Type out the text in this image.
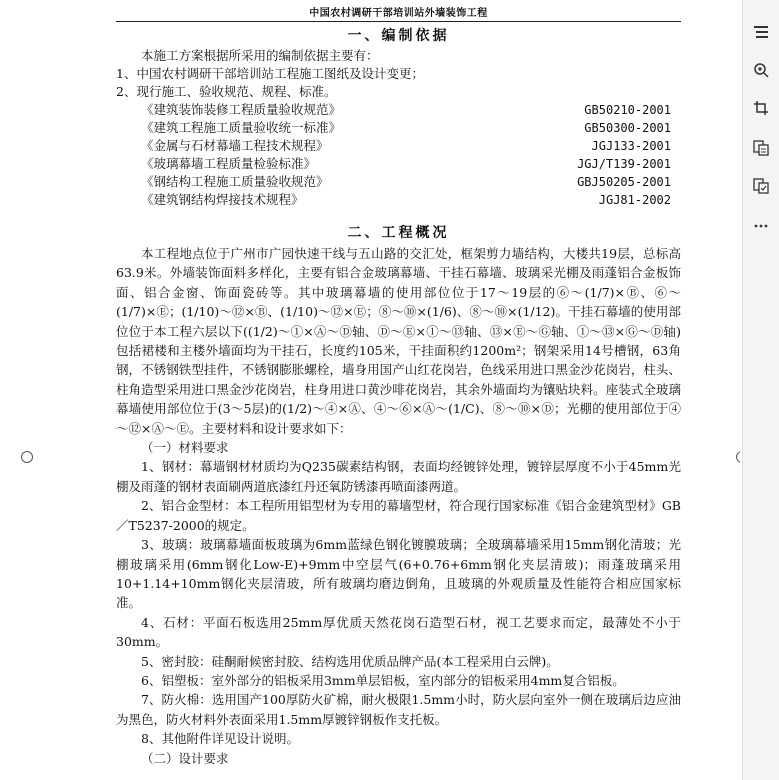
中国农村调研干部培训站外墙装饰工程
一、编制依据

本施工方案根据所采用的编制依据主要有：

1、中国农村调研干部培训站工程施工图纸及设计变更；

2、现行施工、验收规范、规程、标准。

《建筑装饰装修工程质量验收规范》	GB50210-2001
《建筑工程施工质量验收统一标准》	GB50300-2001
《金属与石材幕墙工程技术规程》	JGJ133-2001
《玻璃幕墙工程质量检验标准》	JGJ/T139-2001
《钢结构工程施工质量验收规范》	GBJ50205-2001
《建筑钢结构焊接技术规程》	JGJ81-2002
二、工程概况

本工程地点位于广州市广园快速干线与五山路的交汇处，框架剪力墙结构，大楼共19层，总标高63.9米。外墙装饰面料多样化，主要有铝合金玻璃幕墙、干挂石幕墙、玻璃采光棚及雨蓬铝合金板饰面、铝合金窗、饰面瓷砖等。其中玻璃幕墙的使用部位位于17～19层的⑥～(1/7)×Ⓑ、⑥～(1/7)×Ⓔ；(1/10)～⑫×Ⓑ、(1/10)～⑫×Ⓔ；⑧～⑩×(1/6)、⑧～⑩×(1/12)。干挂石幕墙的使用部位位于本工程六层以下((1/2)～①×Ⓐ～Ⓓ轴、Ⓓ～Ⓔ×①～⑬轴、⑬×Ⓔ～Ⓖ轴、①～⑬×Ⓖ～Ⓓ轴)包括裙楼和主楼外墙面均为干挂石，长度约105米，干挂面积约1200m²；钢架采用14号槽钢，63角钢，不锈钢铁型挂件，不锈钢膨胀螺栓，墙身用国产山红花岗岩，色线采用进口黑金沙花岗岩，柱头、柱角造型采用进口黑金沙花岗岩，柱身用进口黄沙啡花岗岩，其余外墙面均为镶贴块料。座装式全玻璃幕墙使用部位位于(3～5层)的(1/2)～④×Ⓐ、④～⑥×Ⓐ～(1/C)、⑧～⑩×Ⓓ；光棚的使用部位于④～⑫×Ⓐ～Ⓔ。主要材料和设计要求如下：

（一）材料要求

1、钢材：幕墙钢材材质均为Q235碳素结构钢，表面均经镀锌处理，镀锌层厚度不小于45mm光棚及雨蓬的钢材表面刷两道底漆红丹还氧防锈漆再喷面漆两道。

2、铝合金型材：本工程所用铝型材为专用的幕墙型材，符合现行国家标准《铝合金建筑型材》GB／T5237-2000的规定。

3、玻璃：玻璃幕墙面板玻璃为6mm蓝绿色钢化镀膜玻璃；全玻璃幕墙采用15mm钢化清玻；光棚玻璃采用(6mm钢化Low-E)+9mm中空层气(6+0.76+6mm钢化夹层清玻)；雨蓬玻璃采用10+1.14+10mm钢化夹层清玻，所有玻璃均磨边倒角，且玻璃的外观质量及性能符合相应国家标准。

4、石材：平面石板选用25mm厚优质天然花岗石造型石材，视工艺要求而定，最薄处不小于30mm。

5、密封胶：硅酮耐候密封胶、结构选用优质品牌产品(本工程采用白云牌)。

6、铝塑板：室外部分的铝板采用3mm单层铝板，室内部分的铝板采用4mm复合铝板。

7、防火棉：选用国产100厚防火矿棉，耐火极限1.5mm小时，防火层向室外一侧在玻璃后边应油为黑色，防火材料外表面采用1.5mm厚镀锌钢板作支托板。

8、其他附件详见设计说明。

（二）设计要求
